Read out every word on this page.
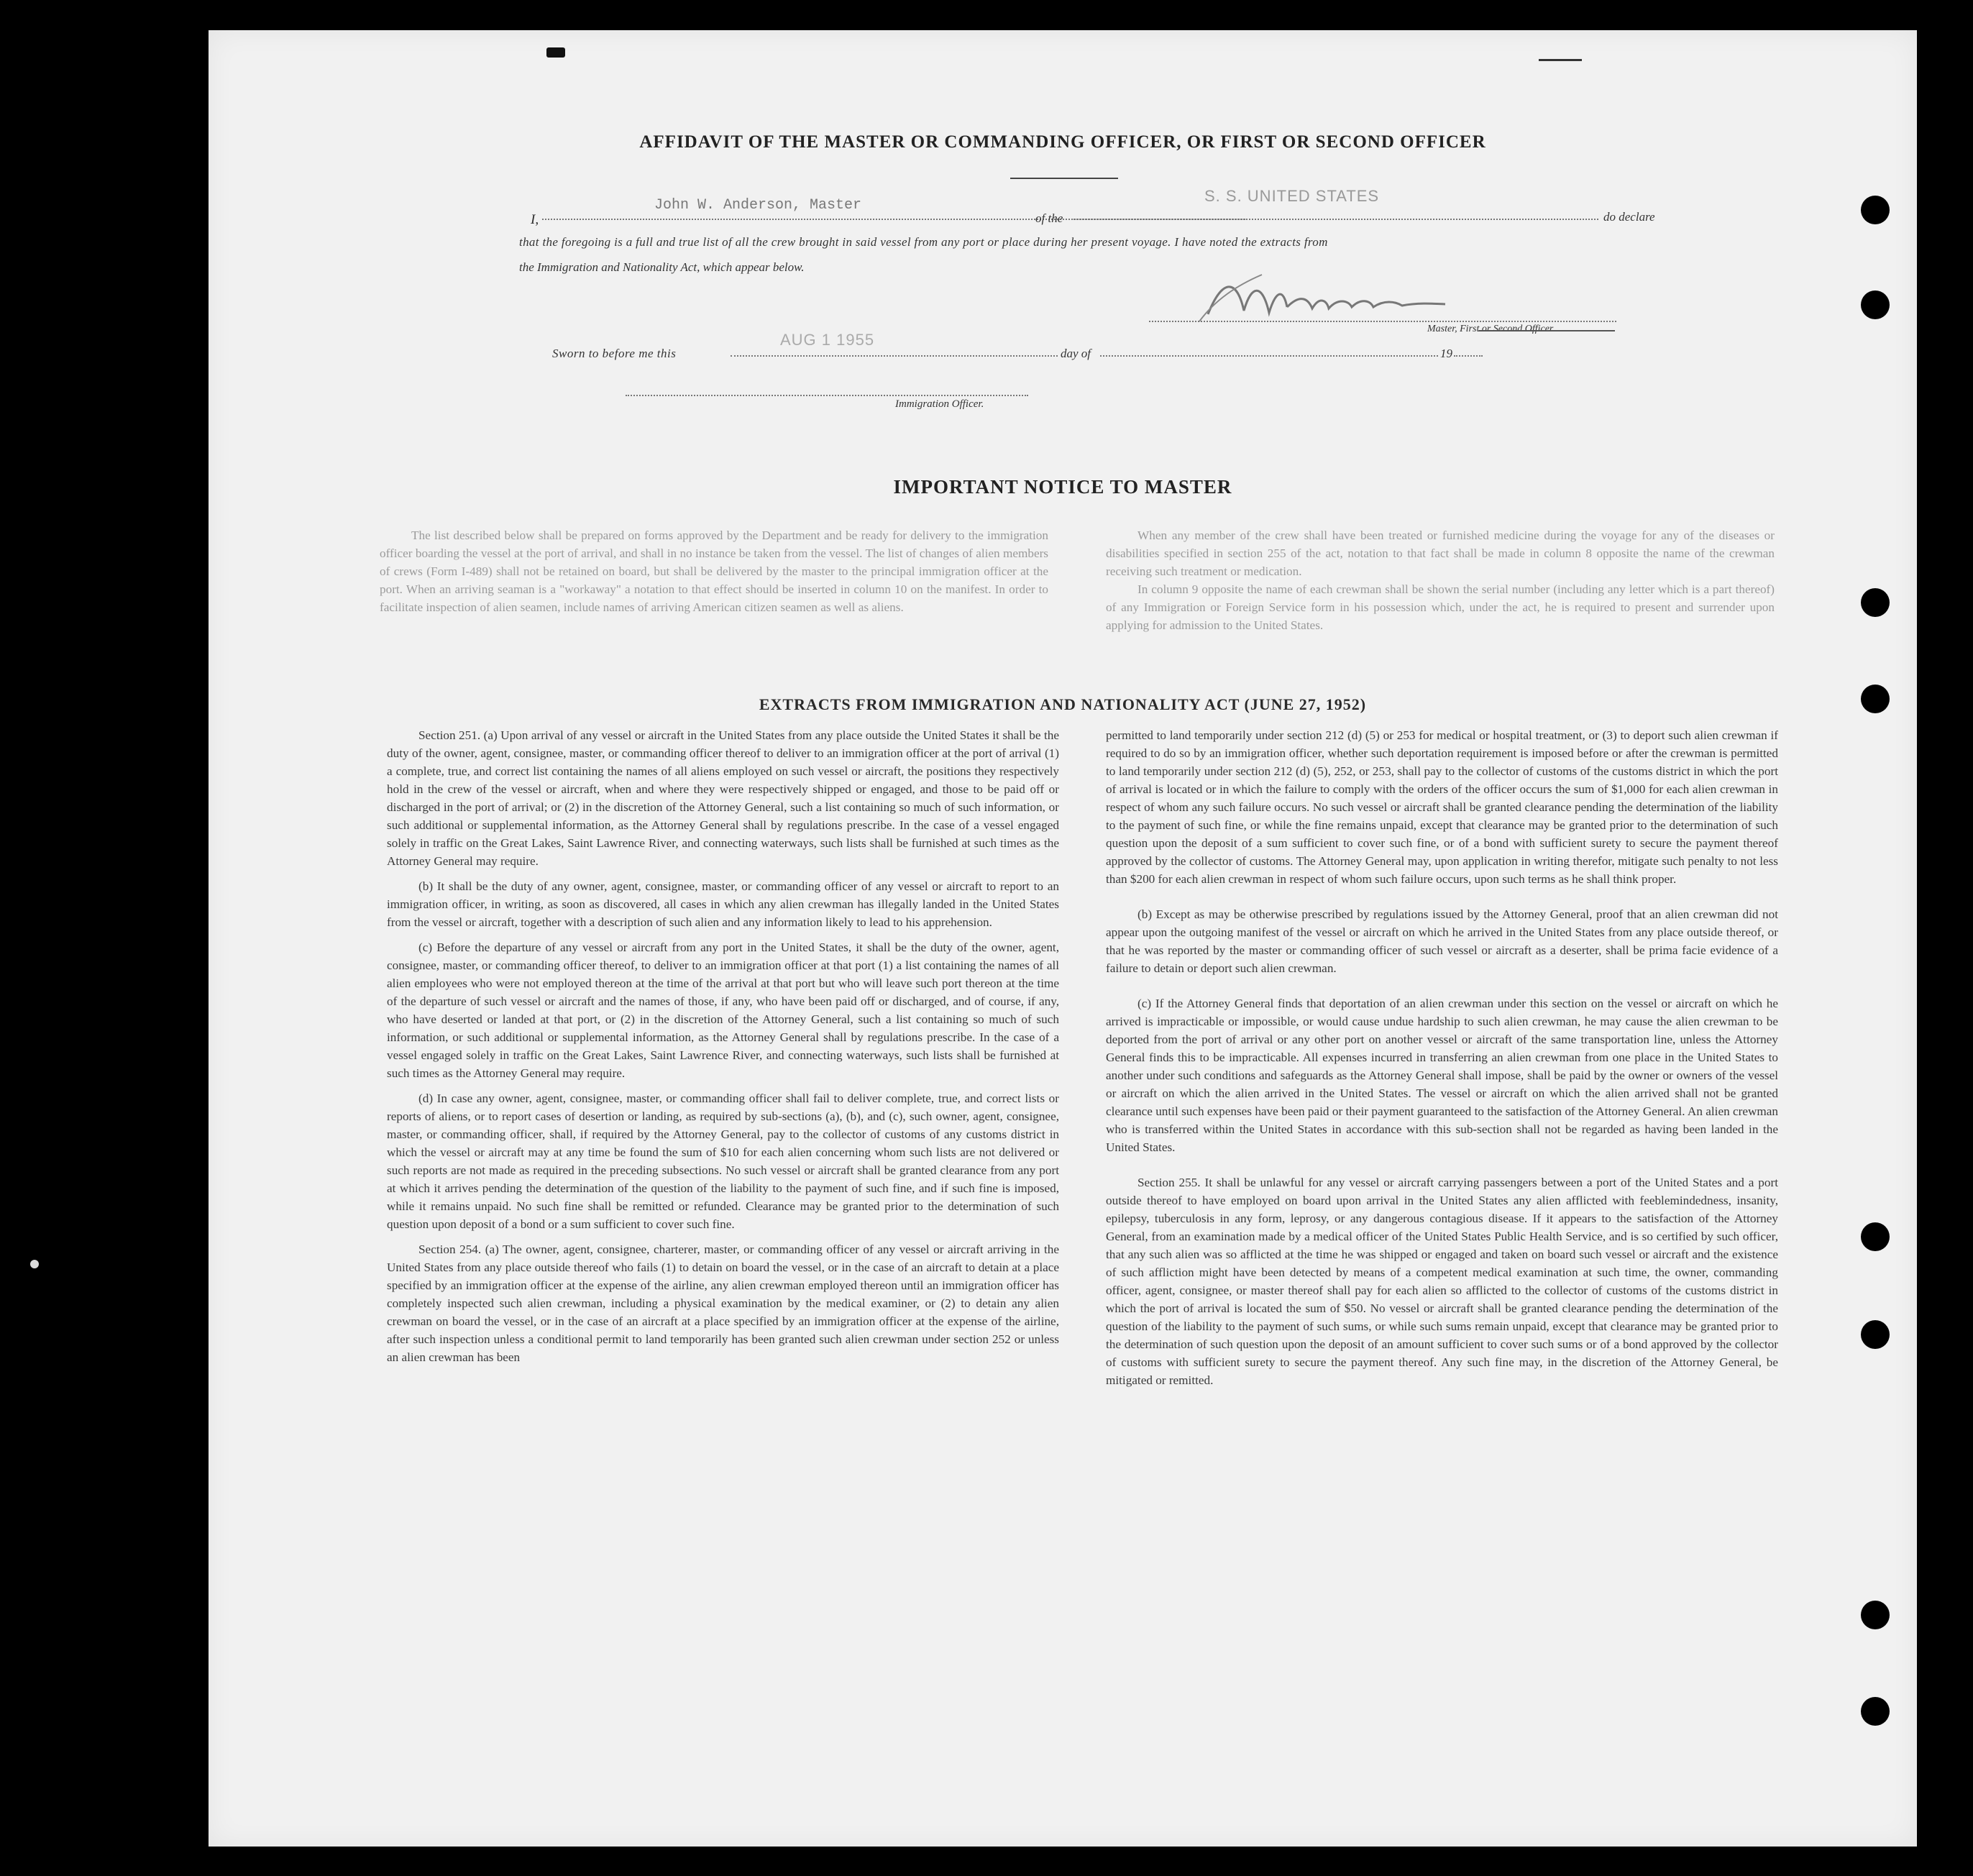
AFFIDAVIT OF THE MASTER OR COMMANDING OFFICER, OR FIRST OR SECOND OFFICER
I,
John W. Anderson, Master
of the
S. S. UNITED STATES
do declare
that the foregoing is a full and true list of all the crew brought in said vessel from any port or place during her present voyage. I have noted the extracts from
the Immigration and Nationality Act, which appear below.
Master, First or Second Officer.
Sworn to before me this
AUG 1 1955
day of	19
Immigration Officer.
IMPORTANT NOTICE TO MASTER

The list described below shall be prepared on forms approved by the Department and be ready for delivery to the immigration officer boarding the vessel at the port of arrival, and shall in no instance be taken from the vessel. The list of changes of alien members of crews (Form I-489) shall not be retained on board, but shall be delivered by the master to the principal immigration officer at the port. When an arriving seaman is a "workaway" a notation to that effect should be inserted in column 10 on the manifest. In order to facilitate inspection of alien seamen, include names of arriving American citizen seamen as well as aliens.

When any member of the crew shall have been treated or furnished medicine during the voyage for any of the diseases or disabilities specified in section 255 of the act, notation to that fact shall be made in column 8 opposite the name of the crewman receiving such treatment or medication.

In column 9 opposite the name of each crewman shall be shown the serial number (including any letter which is a part thereof) of any Immigration or Foreign Service form in his possession which, under the act, he is required to present and surrender upon applying for admission to the United States.

EXTRACTS FROM IMMIGRATION AND NATIONALITY ACT (JUNE 27, 1952)

Section 251. (a) Upon arrival of any vessel or aircraft in the United States from any place outside the United States it shall be the duty of the owner, agent, consignee, master, or commanding officer thereof to deliver to an immigration officer at the port of arrival (1) a complete, true, and correct list containing the names of all aliens employed on such vessel or aircraft, the positions they respectively hold in the crew of the vessel or aircraft, when and where they were respectively shipped or engaged, and those to be paid off or discharged in the port of arrival; or (2) in the discretion of the Attorney General, such a list containing so much of such information, or such additional or supplemental information, as the Attorney General shall by regulations prescribe. In the case of a vessel engaged solely in traffic on the Great Lakes, Saint Lawrence River, and connecting waterways, such lists shall be furnished at such times as the Attorney General may require.

(b) It shall be the duty of any owner, agent, consignee, master, or commanding officer of any vessel or aircraft to report to an immigration officer, in writing, as soon as discovered, all cases in which any alien crewman has illegally landed in the United States from the vessel or aircraft, together with a description of such alien and any information likely to lead to his apprehension.

(c) Before the departure of any vessel or aircraft from any port in the United States, it shall be the duty of the owner, agent, consignee, master, or commanding officer thereof, to deliver to an immigration officer at that port (1) a list containing the names of all alien employees who were not employed thereon at the time of the arrival at that port but who will leave such port thereon at the time of the departure of such vessel or aircraft and the names of those, if any, who have been paid off or discharged, and of course, if any, who have deserted or landed at that port, or (2) in the discretion of the Attorney General, such a list containing so much of such information, or such additional or supplemental information, as the Attorney General shall by regulations prescribe. In the case of a vessel engaged solely in traffic on the Great Lakes, Saint Lawrence River, and connecting waterways, such lists shall be furnished at such times as the Attorney General may require.

(d) In case any owner, agent, consignee, master, or commanding officer shall fail to deliver complete, true, and correct lists or reports of aliens, or to report cases of desertion or landing, as required by sub-sections (a), (b), and (c), such owner, agent, consignee, master, or commanding officer, shall, if required by the Attorney General, pay to the collector of customs of any customs district in which the vessel or aircraft may at any time be found the sum of $10 for each alien concerning whom such lists are not delivered or such reports are not made as required in the preceding subsections. No such vessel or aircraft shall be granted clearance from any port at which it arrives pending the determination of the question of the liability to the payment of such fine, and if such fine is imposed, while it remains unpaid. No such fine shall be remitted or refunded. Clearance may be granted prior to the determination of such question upon deposit of a bond or a sum sufficient to cover such fine.

Section 254. (a) The owner, agent, consignee, charterer, master, or commanding officer of any vessel or aircraft arriving in the United States from any place outside thereof who fails (1) to detain on board the vessel, or in the case of an aircraft to detain at a place specified by an immigration officer at the expense of the airline, any alien crewman employed thereon until an immigration officer has completely inspected such alien crewman, including a physical examination by the medical examiner, or (2) to detain any alien crewman on board the vessel, or in the case of an aircraft at a place specified by an immigration officer at the expense of the airline, after such inspection unless a conditional permit to land temporarily has been granted such alien crewman under section 252 or unless an alien crewman has been

permitted to land temporarily under section 212 (d) (5) or 253 for medical or hospital treatment, or (3) to deport such alien crewman if required to do so by an immigration officer, whether such deportation requirement is imposed before or after the crewman is permitted to land temporarily under section 212 (d) (5), 252, or 253, shall pay to the collector of customs of the customs district in which the port of arrival is located or in which the failure to comply with the orders of the officer occurs the sum of $1,000 for each alien crewman in respect of whom any such failure occurs. No such vessel or aircraft shall be granted clearance pending the determination of the liability to the payment of such fine, or while the fine remains unpaid, except that clearance may be granted prior to the determination of such question upon the deposit of a sum sufficient to cover such fine, or of a bond with sufficient surety to secure the payment thereof approved by the collector of customs. The Attorney General may, upon application in writing therefor, mitigate such penalty to not less than $200 for each alien crewman in respect of whom such failure occurs, upon such terms as he shall think proper.

(b) Except as may be otherwise prescribed by regulations issued by the Attorney General, proof that an alien crewman did not appear upon the outgoing manifest of the vessel or aircraft on which he arrived in the United States from any place outside thereof, or that he was reported by the master or commanding officer of such vessel or aircraft as a deserter, shall be prima facie evidence of a failure to detain or deport such alien crewman.

(c) If the Attorney General finds that deportation of an alien crewman under this section on the vessel or aircraft on which he arrived is impracticable or impossible, or would cause undue hardship to such alien crewman, he may cause the alien crewman to be deported from the port of arrival or any other port on another vessel or aircraft of the same transportation line, unless the Attorney General finds this to be impracticable. All expenses incurred in transferring an alien crewman from one place in the United States to another under such conditions and safeguards as the Attorney General shall impose, shall be paid by the owner or owners of the vessel or aircraft on which the alien arrived in the United States. The vessel or aircraft on which the alien arrived shall not be granted clearance until such expenses have been paid or their payment guaranteed to the satisfaction of the Attorney General. An alien crewman who is transferred within the United States in accordance with this sub-section shall not be regarded as having been landed in the United States.

Section 255. It shall be unlawful for any vessel or aircraft carrying passengers between a port of the United States and a port outside thereof to have employed on board upon arrival in the United States any alien afflicted with feeblemindedness, insanity, epilepsy, tuberculosis in any form, leprosy, or any dangerous contagious disease. If it appears to the satisfaction of the Attorney General, from an examination made by a medical officer of the United States Public Health Service, and is so certified by such officer, that any such alien was so afflicted at the time he was shipped or engaged and taken on board such vessel or aircraft and the existence of such affliction might have been detected by means of a competent medical examination at such time, the owner, commanding officer, agent, consignee, or master thereof shall pay for each alien so afflicted to the collector of customs of the customs district in which the port of arrival is located the sum of $50. No vessel or aircraft shall be granted clearance pending the determination of the question of the liability to the payment of such sums, or while such sums remain unpaid, except that clearance may be granted prior to the determination of such question upon the deposit of an amount sufficient to cover such sums or of a bond approved by the collector of customs with sufficient surety to secure the payment thereof. Any such fine may, in the discretion of the Attorney General, be mitigated or remitted.
